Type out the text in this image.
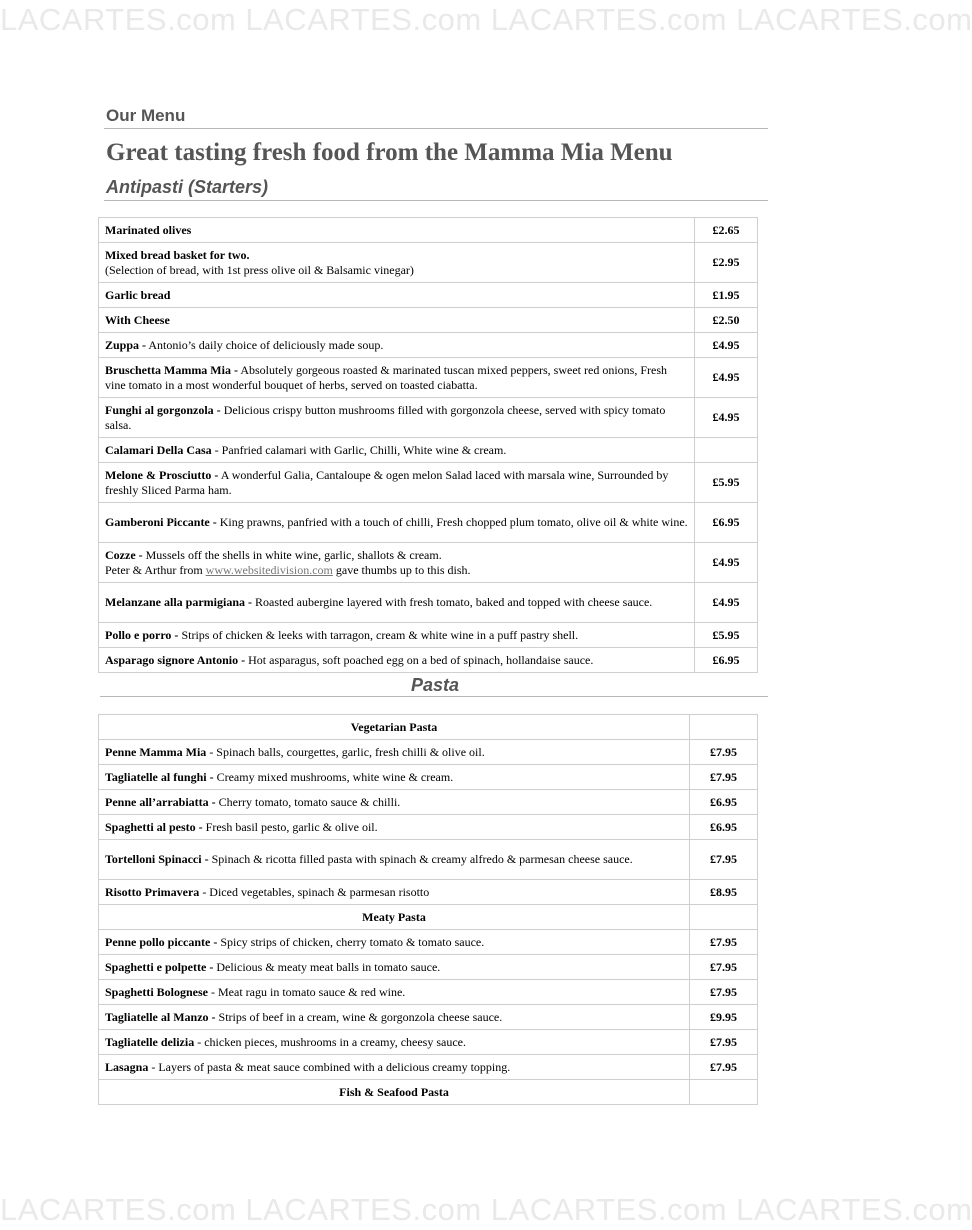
LACARTES.com LACARTES.com LACARTES.com LACARTES.com
LACARTES.com LACARTES.com LACARTES.com LACARTES.com
Our Menu
Great tasting fresh food from the Mamma Mia Menu
Antipasti (Starters)
Marinated olives	£2.65
Mixed bread basket for two.
(Selection of bread, with 1st press olive oil & Balsamic vinegar)	£2.95
Garlic bread	£1.95
With Cheese	£2.50
Zuppa - Antonio’s daily choice of deliciously made soup.	£4.95
Bruschetta Mamma Mia - Absolutely gorgeous roasted & marinated tuscan mixed peppers, sweet red onions, Fresh vine tomato in a most wonderful bouquet of herbs, served on toasted ciabatta.	£4.95
Funghi al gorgonzola - Delicious crispy button mushrooms filled with gorgonzola cheese, served with spicy tomato salsa.	£4.95
Calamari Della Casa - Panfried calamari with Garlic, Chilli, White wine & cream.	
Melone & Prosciutto - A wonderful Galia, Cantaloupe & ogen melon Salad laced with marsala wine, Surrounded by freshly Sliced Parma ham.	£5.95
Gamberoni Piccante - King prawns, panfried with a touch of chilli, Fresh chopped plum tomato, olive oil & white wine.	£6.95
Cozze - Mussels off the shells in white wine, garlic, shallots & cream.
Peter & Arthur from www.websitedivision.com gave thumbs up to this dish.	£4.95
Melanzane alla parmigiana - Roasted aubergine layered with fresh tomato, baked and topped with cheese sauce.	£4.95
Pollo e porro - Strips of chicken & leeks with tarragon, cream & white wine in a puff pastry shell.	£5.95
Asparago signore Antonio - Hot asparagus, soft poached egg on a bed of spinach, hollandaise sauce.	£6.95
Pasta
Vegetarian Pasta	
Penne Mamma Mia - Spinach balls, courgettes, garlic, fresh chilli & olive oil.	£7.95
Tagliatelle al funghi - Creamy mixed mushrooms, white wine & cream.	£7.95
Penne all’arrabiatta - Cherry tomato, tomato sauce & chilli.	£6.95
Spaghetti al pesto - Fresh basil pesto, garlic & olive oil.	£6.95
Tortelloni Spinacci - Spinach & ricotta filled pasta with spinach & creamy alfredo & parmesan cheese sauce.	£7.95
Risotto Primavera - Diced vegetables, spinach & parmesan risotto	£8.95
Meaty Pasta	
Penne pollo piccante - Spicy strips of chicken, cherry tomato & tomato sauce.	£7.95
Spaghetti e polpette - Delicious & meaty meat balls in tomato sauce.	£7.95
Spaghetti Bolognese - Meat ragu in tomato sauce & red wine.	£7.95
Tagliatelle al Manzo - Strips of beef in a cream, wine & gorgonzola cheese sauce.	£9.95
Tagliatelle delizia - chicken pieces, mushrooms in a creamy, cheesy sauce.	£7.95
Lasagna - Layers of pasta & meat sauce combined with a delicious creamy topping.	£7.95
Fish & Seafood Pasta	
